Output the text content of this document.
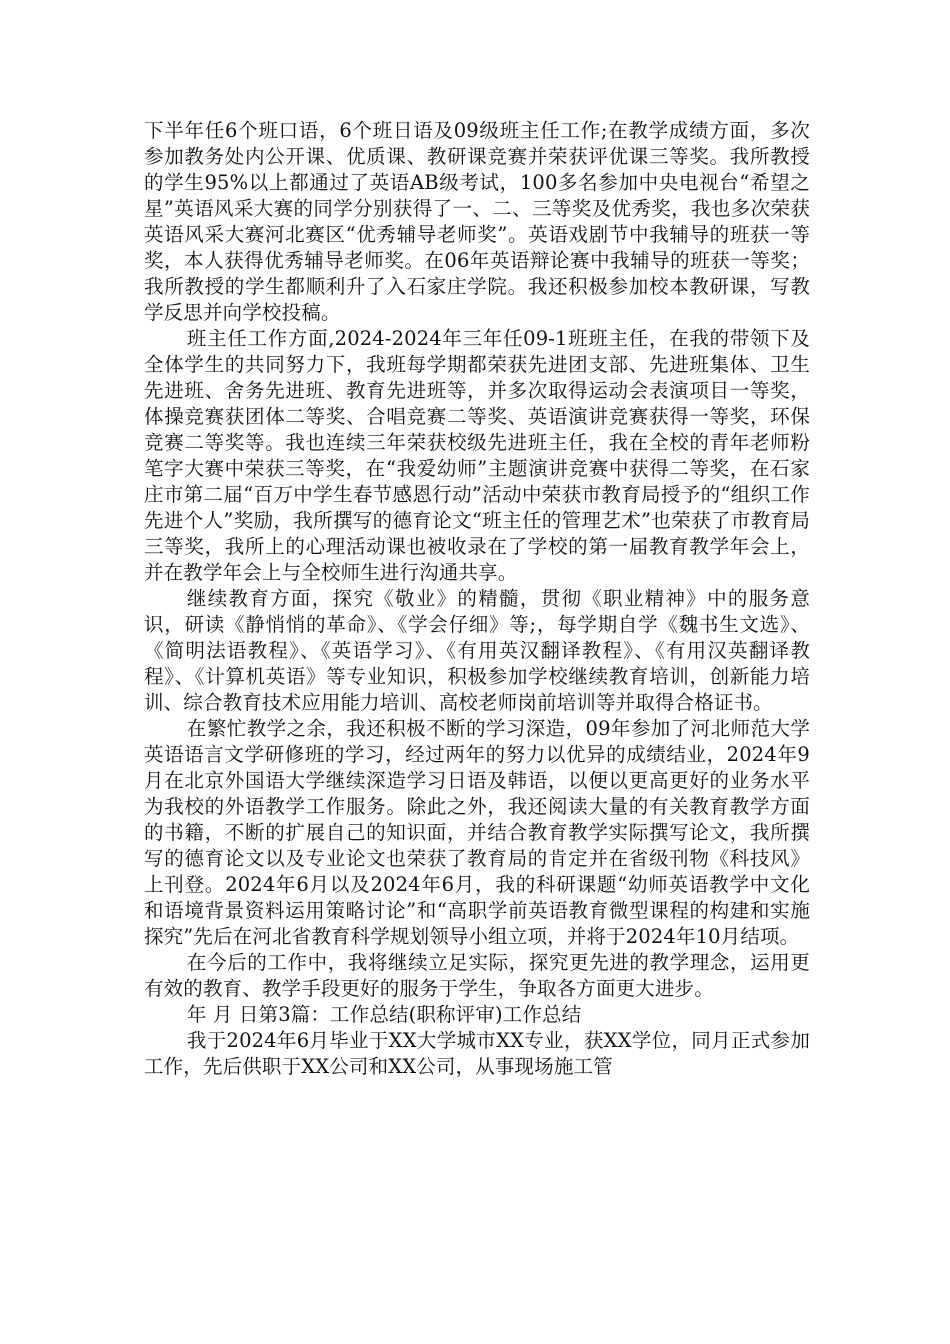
下半年任6个班口语，6个班日语及09级班主任工作;在教学成绩方面，多次参加教务处内公开课、优质课、教研课竞赛并荣获评优课三等奖。我所教授的学生95%以上都通过了英语AB级考试，100多名参加中央电视台“希望之星”英语风采大赛的同学分别获得了一、二、三等奖及优秀奖，我也多次荣获英语风采大赛河北赛区“优秀辅导老师奖”。英语戏剧节中我辅导的班获一等奖，本人获得优秀辅导老师奖。在06年英语辩论赛中我辅导的班获一等奖；我所教授的学生都顺利升了入石家庄学院。我还积极参加校本教研课，写教学反思并向学校投稿。

班主任工作方面,2024-2024年三年任09-1班班主任，在我的带领下及全体学生的共同努力下，我班每学期都荣获先进团支部、先进班集体、卫生先进班、舍务先进班、教育先进班等，并多次取得运动会表演项目一等奖，体操竞赛获团体二等奖、合唱竞赛二等奖、英语演讲竞赛获得一等奖，环保竞赛二等奖等。我也连续三年荣获校级先进班主任，我在全校的青年老师粉笔字大赛中荣获三等奖，在“我爱幼师”主题演讲竞赛中获得二等奖，在石家庄市第二届“百万中学生春节感恩行动”活动中荣获市教育局授予的“组织工作先进个人”奖励，我所撰写的德育论文“班主任的管理艺术”也荣获了市教育局三等奖，我所上的心理活动课也被收录在了学校的第一届教育教学年会上，并在教学年会上与全校师生进行沟通共享。

继续教育方面，探究《敬业》的精髓，贯彻《职业精神》中的服务意识，研读《静悄悄的革命》、《学会仔细》等;，每学期自学《魏书生文选》、《简明法语教程》、《英语学习》、《有用英汉翻译教程》、《有用汉英翻译教程》、《计算机英语》等专业知识，积极参加学校继续教育培训，创新能力培训、综合教育技术应用能力培训、高校老师岗前培训等并取得合格证书。

在繁忙教学之余，我还积极不断的学习深造，09年参加了河北师范大学英语语言文学研修班的学习，经过两年的努力以优异的成绩结业，2024年9月在北京外国语大学继续深造学习日语及韩语，以便以更高更好的业务水平为我校的外语教学工作服务。除此之外，我还阅读大量的有关教育教学方面的书籍，不断的扩展自己的知识面，并结合教育教学实际撰写论文，我所撰写的德育论文以及专业论文也荣获了教育局的肯定并在省级刊物《科技风》上刊登。2024年6月以及2024年6月，我的科研课题“幼师英语教学中文化和语境背景资料运用策略讨论”和“高职学前英语教育微型课程的构建和实施探究”先后在河北省教育科学规划领导小组立项，并将于2024年10月结项。

在今后的工作中，我将继续立足实际，探究更先进的教学理念，运用更有效的教育、教学手段更好的服务于学生，争取各方面更大进步。

年 月 日第3篇：工作总结(职称评审)工作总结

我于2024年6月毕业于XX大学城市XX专业，获XX学位，同月正式参加工作，先后供职于XX公司和XX公司，从事现场施工管
